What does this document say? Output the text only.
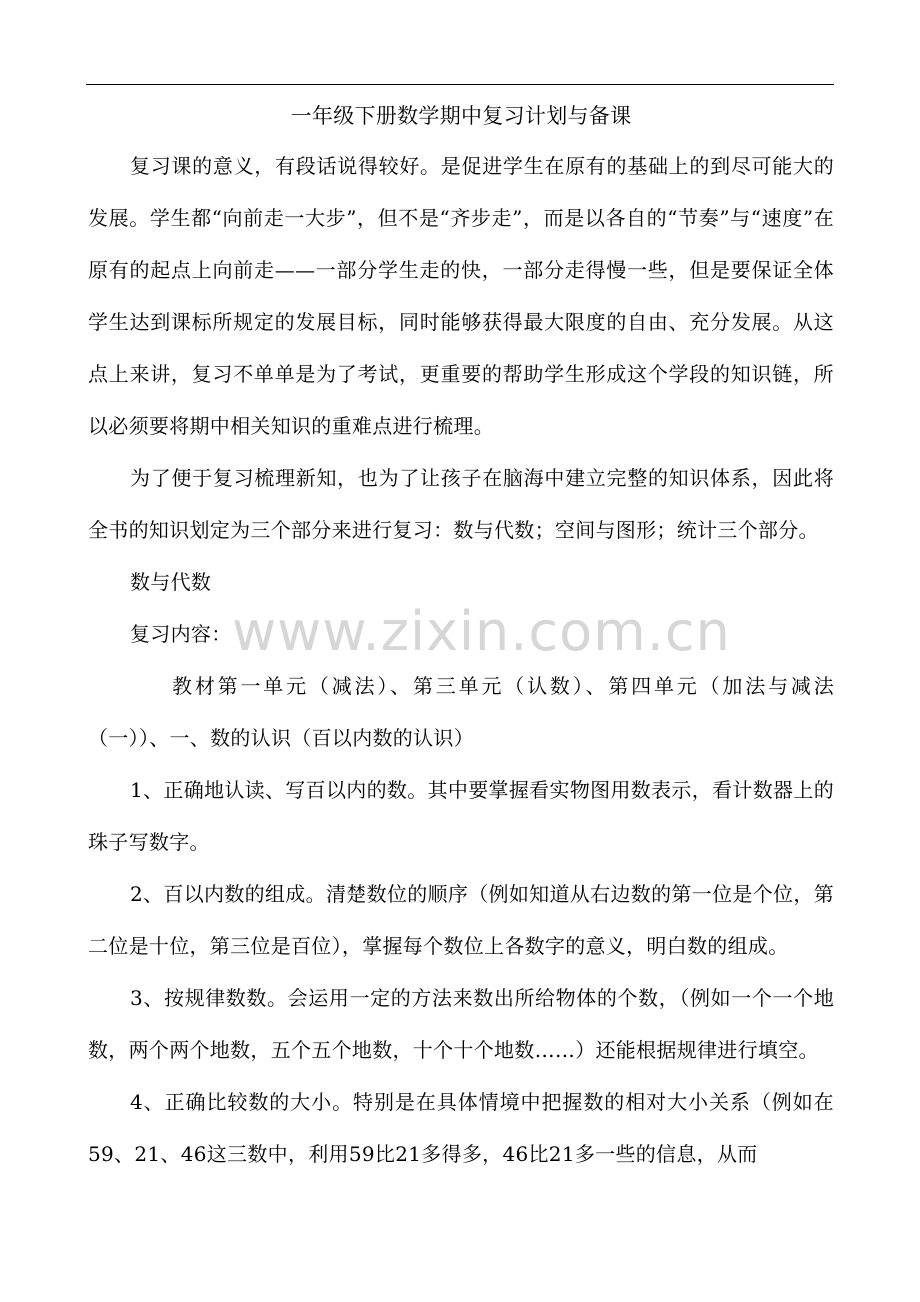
一年级下册数学期中复习计划与备课

复习课的意义，有段话说得较好。是促进学生在原有的基础上的到尽可能大的发展。学生都“向前走一大步”，但不是“齐步走”，而是以各自的“节奏”与“速度”在原有的起点上向前走——一部分学生走的快，一部分走得慢一些，但是要保证全体学生达到课标所规定的发展目标，同时能够获得最大限度的自由、充分发展。从这点上来讲，复习不单单是为了考试，更重要的帮助学生形成这个学段的知识链，所以必须要将期中相关知识的重难点进行梳理。

为了便于复习梳理新知，也为了让孩子在脑海中建立完整的知识体系，因此将全书的知识划定为三个部分来进行复习：数与代数；空间与图形；统计三个部分。

数与代数

复习内容：

教材第一单元（减法）、第三单元（认数）、第四单元（加法与减法（一））、一、数的认识（百以内数的认识）

1、正确地认读、写百以内的数。其中要掌握看实物图用数表示，看计数器上的珠子写数字。

2、百以内数的组成。清楚数位的顺序（例如知道从右边数的第一位是个位，第二位是十位，第三位是百位），掌握每个数位上各数字的意义，明白数的组成。

3、按规律数数。会运用一定的方法来数出所给物体的个数，（例如一个一个地数，两个两个地数，五个五个地数，十个十个地数……）还能根据规律进行填空。

4、正确比较数的大小。特别是在具体情境中把握数的相对大小关系（例如在59、21、46这三数中，利用59比21多得多，46比21多一些的信息，从而

www.zixin.com.cn
